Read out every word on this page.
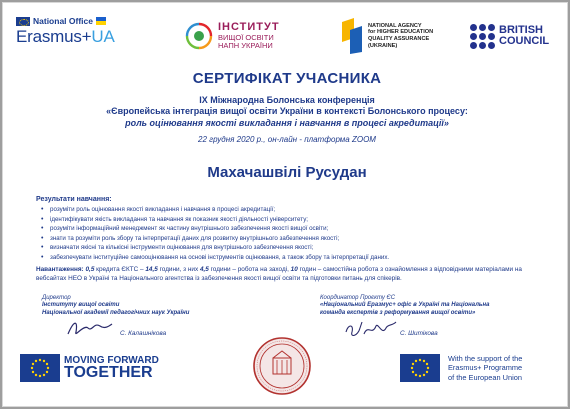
National Office
Erasmus+UA	ІНСТИТУТ
ВИЩОЇ ОСВІТИ
НАПН УКРАЇНИ
NATIONAL AGENCY
for HIGHER EDUCATION
QUALITY ASSURANCE
(UKRAINE)
BRITISH
COUNCIL
СЕРТИФІКАТ УЧАСНИКА
IX Міжнародна Болонська конференція
«Європейська інтеграція вищої освіти України в контексті Болонського процесу:
роль оцінювання якості викладання і навчання в процесі акредитації»
22 грудня 2020 р., он-лайн - платформа ZOOM
Махачашвілі Русудан
Результати навчання:
• розуміти роль оцінювання якості викладання і навчання в процесі акредитації;
• ідентифікувати якість викладання та навчання як показник якості діяльності університету;
• розуміти інформаційний менеджмент як частину внутрішнього забезпечення якості вищої освіти;
• знати та розуміти роль збору та інтерпретації даних для розвитку внутрішнього забезпечення якості;
• визначати якісні та кількісні інструменти оцінювання для внутрішнього забезпечення якості;
• забезпечувати інституційне самооцінювання на основі інструментів оцінювання, а також збору та інтерпретації даних.
Навантаження: 0,5 кредита ЄКТС – 14,5 години, з них 4,5 години – робота на заході, 10 годин – самостійна робота з ознайомлення з відповідними матеріалами на вебсайтах НЕО в Україні та Національного агентства із забезпечення якості вищої освіти та підготовки питань для спікерів.
Директор
Інституту вищої освіти
Національної академії педагогічних наук України
С. Калашнікова
Координатор Проєкту ЄС
«Національний Еразмус+ офіс в Україні та Національна
команда експертів з реформування вищої освіти»
С. Шитікова
MOVING FORWARD
TOGETHER
With the support of the
Erasmus+ Programme
of the European Union
